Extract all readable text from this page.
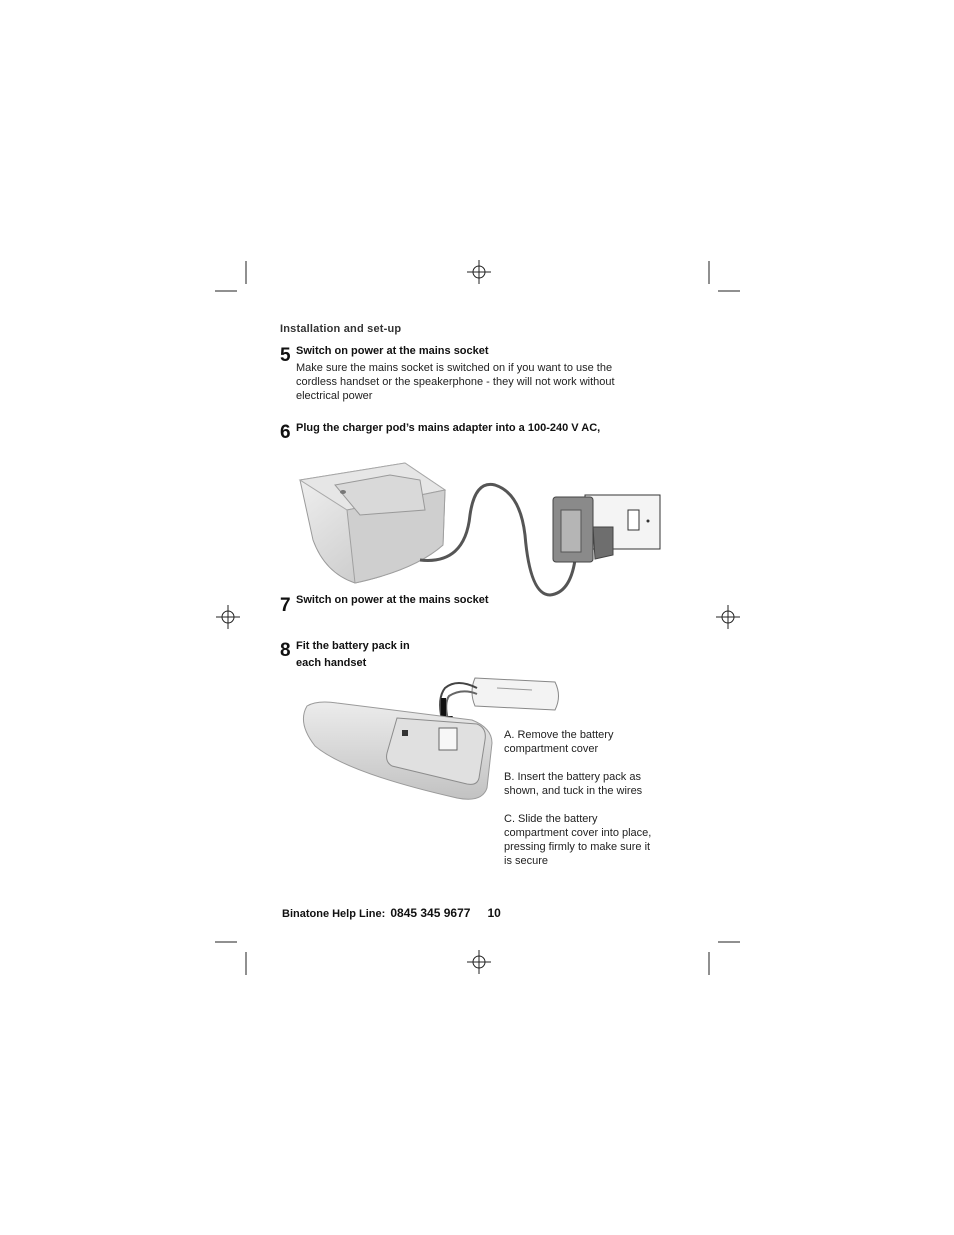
Installation and set-up
5 Switch on power at the mains socket
Make sure the mains socket is switched on if you want to use the
cordless handset or the speakerphone - they will not work without
electrical power
6 Plug the charger pod’s mains adapter into a 100-240 V AC,
7 Switch on power at the mains socket
8 Fit the battery pack in
each handset
A. Remove the battery
compartment cover
B. Insert the battery pack as
shown, and tuck in the wires
C. Slide the battery
compartment cover into place,
pressing firmly to make sure it
is secure
Binatone Help Line: 0845 345 9677 10
